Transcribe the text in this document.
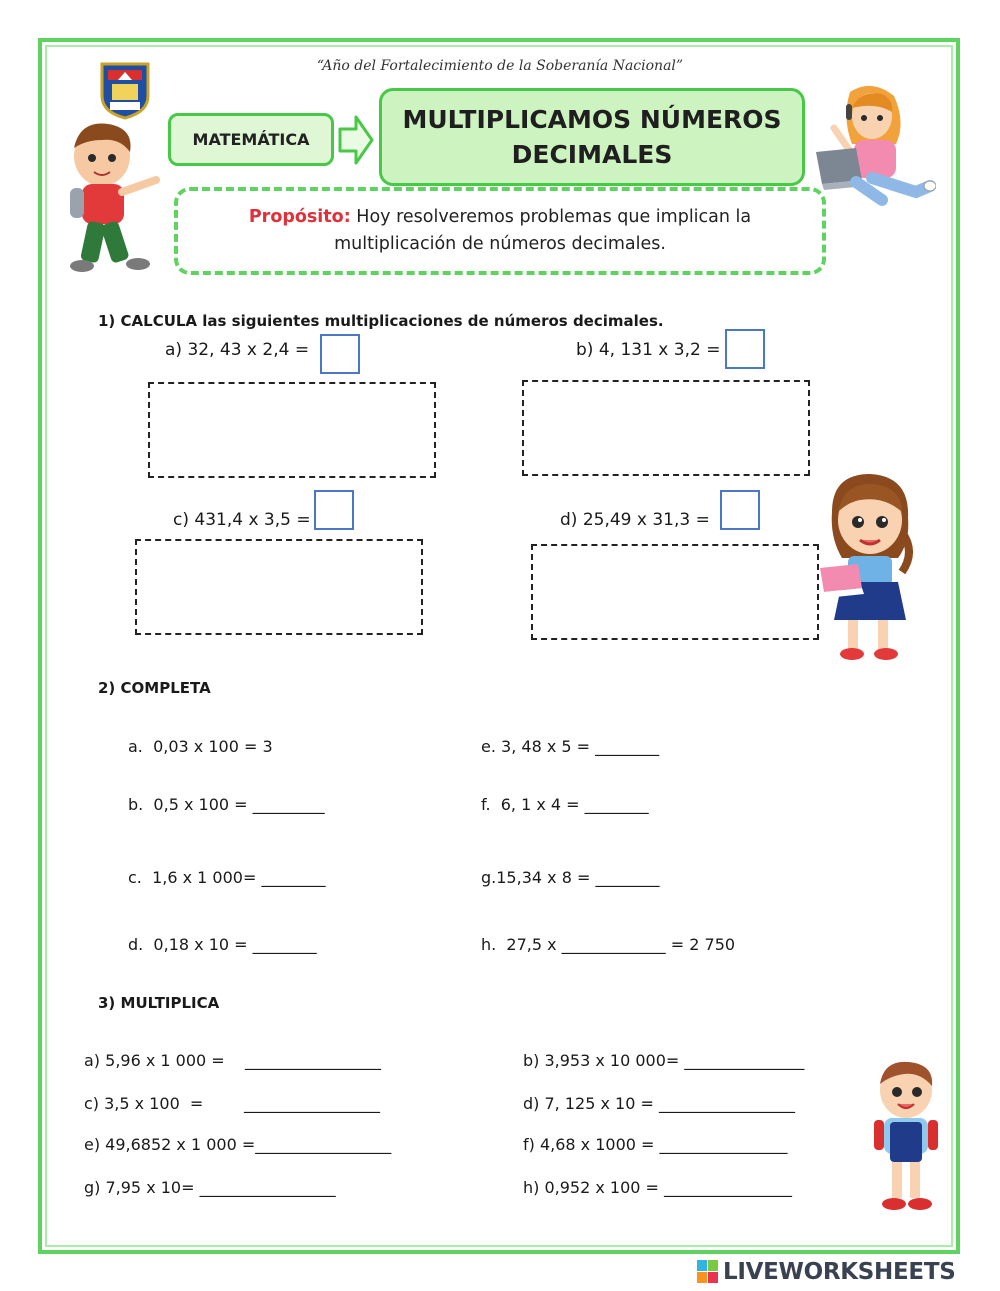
“Año del Fortalecimiento de la Soberanía Nacional”
MATEMÁTICA
MULTIPLICAMOS NÚMEROS
DECIMALES
Propósito: Hoy resolveremos problemas que implican la multiplicación de números decimales.
1) CALCULA las siguientes multiplicaciones de números decimales.
a) 32, 43 x 2,4 =	b) 4, 131 x 3,2 =
c) 431,4 x 3,5 =	d) 25,49 x 31,3 =
2) COMPLETA
a. 0,03 x 100 = 3
b. 0,5 x 100 = _________
c. 1,6 x 1 000= ________
d. 0,18 x 10 = ________
e. 3, 48 x 5 = ________
f. 6, 1 x 4 = ________
g.15,34 x 8 = ________
h. 27,5 x _____________ = 2 750
3) MULTIPLICA
a) 5,96 x 1 000 =    _________________	b) 3,953 x 10 000= _______________
c) 3,5 x 100  =        _________________	d) 7, 125 x 10 = _________________
e) 49,6852 x 1 000 =_________________	f) 4,68 x 1000 = ________________
g) 7,95 x 10= _________________	h) 0,952 x 100 = ________________
LIVEWORKSHEETS
